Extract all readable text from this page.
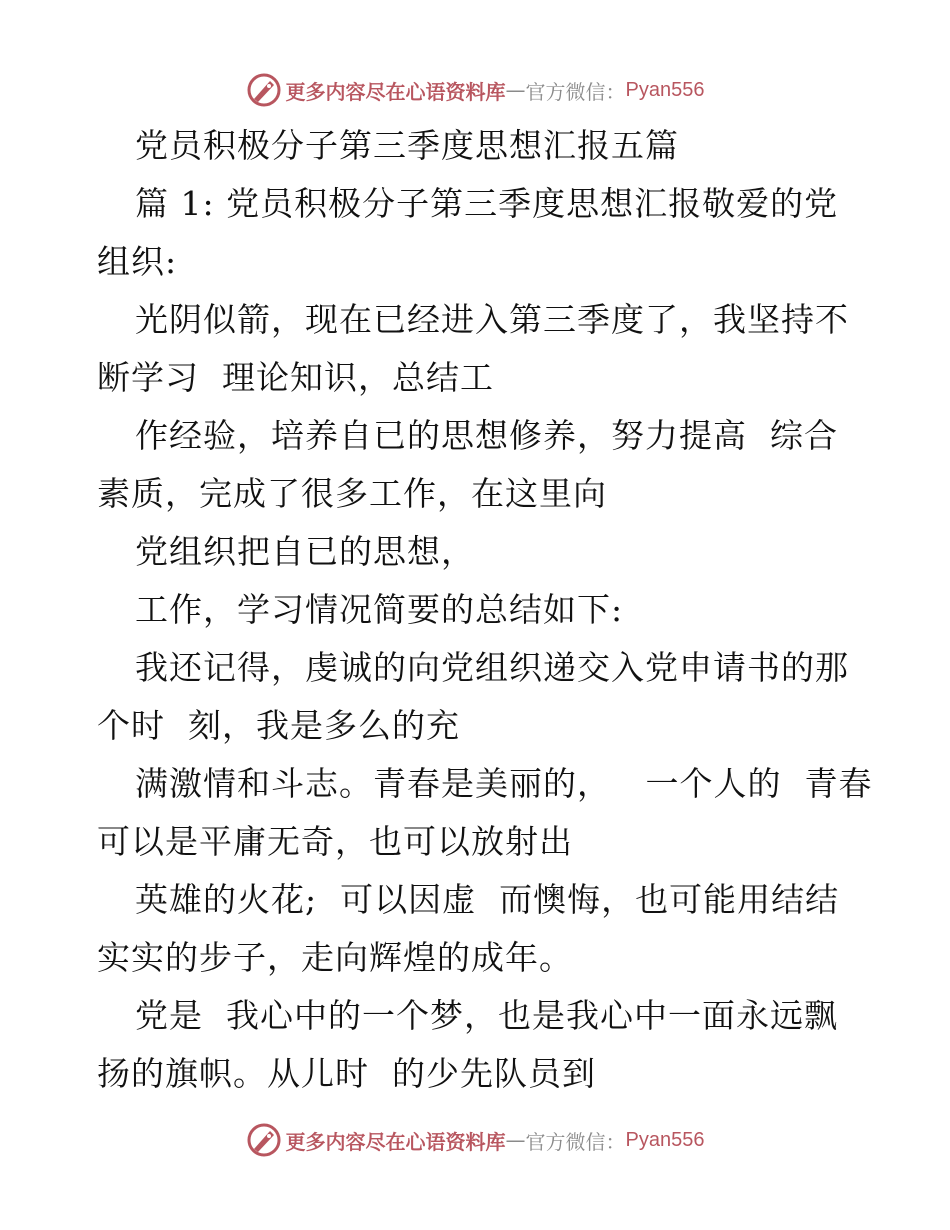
更多内容尽在心语资料库 — 官方微信： Pyan556
党员积极分子第三季度思想汇报五篇
篇 1: 党员积极分子第三季度思想汇报敬爱的党
组织:
光阴似箭，现在已经进入第三季度了，我坚持不
断学习  理论知识，总结工
作经验，培养自已的思想修养，努力提高  综合
素质，完成了很多工作，在这里向
党组织把自已的思想，
工作，学习情况简要的总结如下:
我还记得，虔诚的向党组织递交入党申请书的那
个时  刻，我是多么的充
满激情和斗志。青春是美丽的，   一个人的  青春
可以是平庸无奇，也可以放射出
英雄的火花;  可以因虚  而懊悔，也可能用结结
实实的步子，走向辉煌的成年。
党是  我心中的一个梦，也是我心中一面永远飘
扬的旗帜。从儿时  的少先队员到
更多内容尽在心语资料库 — 官方微信： Pyan556
